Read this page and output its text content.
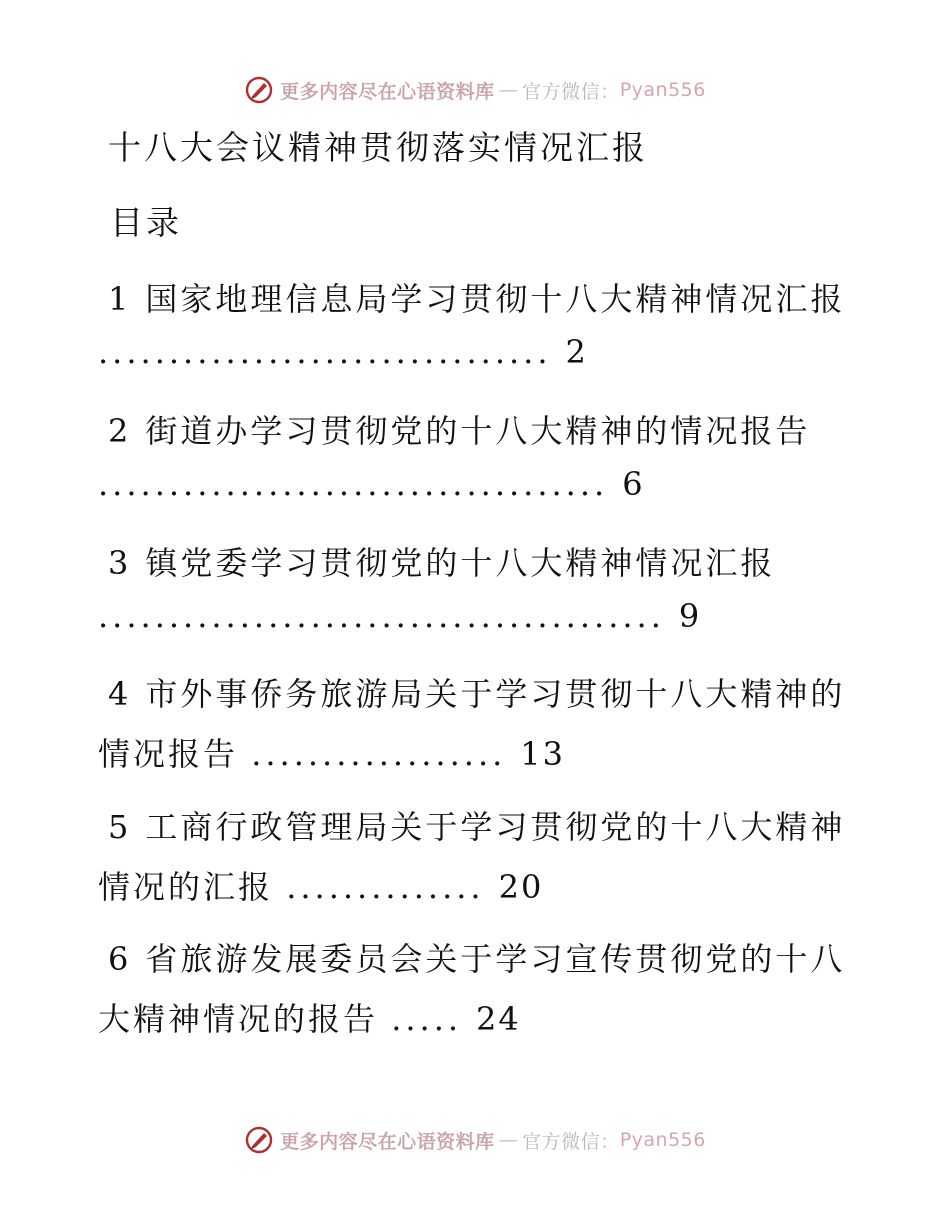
更多内容尽在心语资料库 — 官方微信： Pyan556
十八大会议精神贯彻落实情况汇报
目录
1 国家地理信息局学习贯彻十八大精神情况汇报
................................ 2
2 街道办学习贯彻党的十八大精神的情况报告
.................................... 6
3 镇党委学习贯彻党的十八大精神情况汇报
........................................ 9
4 市外事侨务旅游局关于学习贯彻十八大精神的
情况报告 .................. 13
5 工商行政管理局关于学习贯彻党的十八大精神
情况的汇报 .............. 20
6 省旅游发展委员会关于学习宣传贯彻党的十八
大精神情况的报告 ..... 24
更多内容尽在心语资料库 — 官方微信： Pyan556
